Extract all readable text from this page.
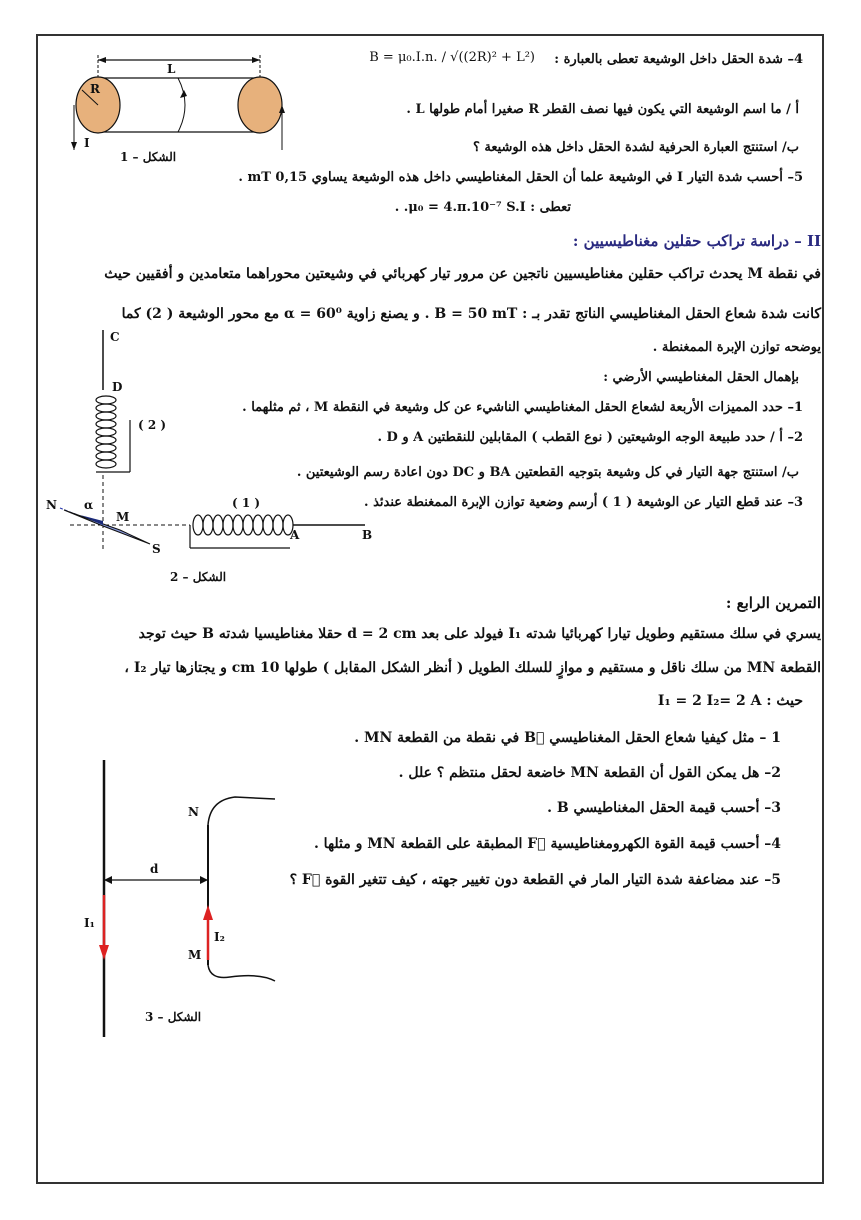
4– شدة الحقل داخل الوشيعة تعطى بالعبارة :
B = μ₀.I.n. / √((2R)² + L²)
أ / ما اسم الوشيعة التي يكون فيها نصف القطر R صغيرا أمام طولها L .
ب/ استنتج العبارة الحرفية لشدة الحقل داخل هذه الوشيعة ؟
5– أحسب شدة التيار I في الوشيعة علما أن الحقل المغناطيسي داخل هذه الوشيعة يساوي 0,15 mT .
تعطى : μ₀ = 4.π.10⁻⁷ S.I. .
L
R
I
الشكل – 1
II – دراسة تراكب حقلين مغناطيسيين :
في نقطة M يحدث تراكب حقلين مغناطيسيين ناتجين عن مرور تيار كهربائي في وشيعتين محوراهما متعامدين و أفقيين حيث
كانت شدة شعاع الحقل المغناطيسي الناتج تقدر بـ : B = 50 mT . و يصنع زاوية α = 60⁰ مع محور الوشيعة ( 2) كما
يوضحه توازن الإبرة الممغنطة .
بإهمال الحقل المغناطيسي الأرضي :
1– حدد المميزات الأربعة لشعاع الحقل المغناطيسي الناشيء عن كل وشيعة في النقطة M ، ثم مثلهما .
2– أ / حدد طبيعة الوجه الوشيعتين ( نوع القطب ) المقابلين للنقطتين A و D .
ب/ استنتج جهة التيار في كل وشيعة بتوجيه القطعتين BA و DC دون اعادة رسم الوشيعتين .
3– عند قطع التيار عن الوشيعة ( 1 ) أرسم وضعية توازن الإبرة الممغنطة عندئذ .
C
D
( 2 )
( 1 )
A	B
N
S
M
α
الشكل – 2
التمرين الرابع :
يسري في سلك مستقيم وطويل تيارا كهربائيا شدته I₁ فيولد على بعد d = 2 cm حقلا مغناطيسيا شدته B حيث توجد
القطعة MN من سلك ناقل و مستقيم و موازٍ للسلك الطويل ( أنظر الشكل المقابل ) طولها 10 cm و يجتازها تيار I₂ ،
حيث : I₁ = 2 I₂= 2 A
1 – مثل كيفيا شعاع الحقل المغناطيسي B⃗ في نقطة من القطعة MN .
2– هل يمكن القول أن القطعة MN خاضعة لحقل منتظم ؟ علل .
3– أحسب قيمة الحقل المغناطيسي B .
4– أحسب قيمة القوة الكهرومغناطيسية F⃗ المطبقة على القطعة MN و مثلها .
5– عند مضاعفة شدة التيار المار في القطعة دون تغيير جهته ، كيف تتغير القوة F⃗ ؟
N
M
d
I₁
I₂
الشكل – 3
